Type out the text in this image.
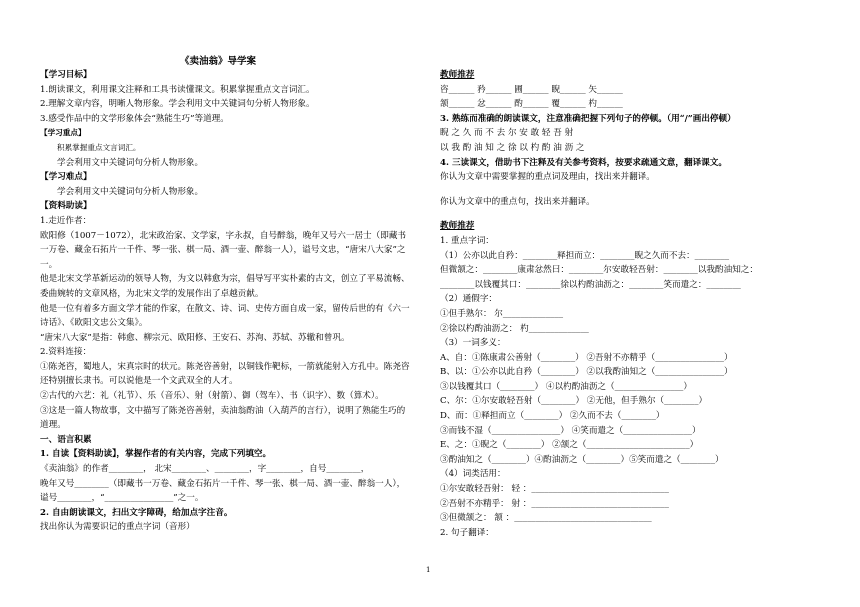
《卖油翁》导学案
【学习目标】
1.朗读课文，利用课文注释和工具书读懂课文。积累掌握重点文言词汇。
2.理解文章内容，明晰人物形象。学会利用文中关键词句分析人物形象。
3.感受作品中的文学形象体会“熟能生巧”等道理。
【学习重点】
积累掌握重点文言词汇。
学会利用文中关键词句分析人物形象。
【学习难点】
学会利用文中关键词句分析人物形象。
【资料助读】
1.走近作者：
欧阳修（1007－1072），北宋政治家、文学家，字永叔，自号醉翁，晚年又号六一居士（即藏书一万卷、藏金石拓片一千件、琴一张、棋一局、酒一壶、醉翁一人），谥号文忠，“唐宋八大家”之一。
他是北宋文学革新运动的领导人物，为文以韩愈为宗，倡导写平实朴素的古文，创立了平易流畅、委曲婉转的文章风格，为北宋文学的发展作出了卓越贡献。
他是一位有着多方面文学才能的作家，在散文、诗、词、史传方面自成一家，留传后世的有《六一诗话》、《欧阳文忠公文集》。
“唐宋八大家”是指：韩愈、柳宗元、欧阳修、王安石、苏洵、苏轼、苏辙和曾巩。
2.资料连接：
①陈尧咨，蜀地人，宋真宗时的状元。陈尧咨善射，以铜钱作靶标，一箭就能射入方孔中。陈尧咨还特别擅长隶书。可以说他是一个文武双全的人才。
②古代的六艺：礼（礼节）、乐（音乐）、射（射箭）、御（驾车）、书（识字）、数（算术）。
③这是一篇人物故事，文中描写了陈尧咨善射，卖油翁酌油（入葫芦的言行），说明了熟能生巧的道理。
一、语言积累
1. 自读【资料助读】，掌握作者的有关内容，完成下列填空。
《卖油翁》的作者________， 北宋________、________，字________，自号________，
晚年又号________（即藏书一万卷、藏金石拓片一千件、琴一张、棋一局、酒一壶、醉翁一人），谥号________，“________________”之一。
2. 自由朗读课文，扫出文字障碍，给加点字注音。
找出你认为需要识记的重点字词（音形）
教师推荐
咨______ 矜______ 圃______ 睨______ 矢______
颔______ 忿______ 酌______ 覆______ 杓______
3. 熟练而准确的朗读课文，注意准确把握下列句子的停顿。（用“/”画出停顿）
睨 之 久 而 不 去 尔 安 敢 轻 吾 射
以 我 酌 油 知 之 徐 以 杓 酌 油 沥 之
4. 三读课文，借助书下注释及有关参考资料，按要求疏通文意，翻译课文。
你认为文章中需要掌握的重点词及理由，找出来并翻译。
你认为文章中的重点句，找出来并翻译。
教师推荐
1. 重点字词：
（1）公亦以此自矜：________释担而立：________睨之久而不去：________
但微颔之：________康肃忿然曰：________尔安敢轻吾射：________以我酌油知之：
________以钱覆其口：________徐以杓酌油沥之：________笑而遣之：________
（2）通假字：
①但手熟尔： 尔______________
②徐以杓酌油沥之： 杓______________
（3）一词多义：
A、自：①陈康肃公善射（________） ②吾射不亦精乎（________________）
B、以：①公亦以此自矜（________） ②以我酌油知之（________________）
③以钱覆其口（________） ④以杓酌油沥之（________________）
C、尔：①尔安敢轻吾射（________） ②无他，但手熟尔（________）
D、而：①释担而立（________） ②久而不去（________）
③而钱不湿（________________） ④笑而遣之（________________）
E、之：①睨之（________） ②颔之（________________________）
③酌油知之（________）④酌油沥之（________）⑤笑而遣之（________）
（4）词类活用：
①尔安敢轻吾射： 轻 ：________________________________
②吾射不亦精乎： 射 ：________________________________
③但微颔之： 颔 ：________________________________
2. 句子翻译：
1
